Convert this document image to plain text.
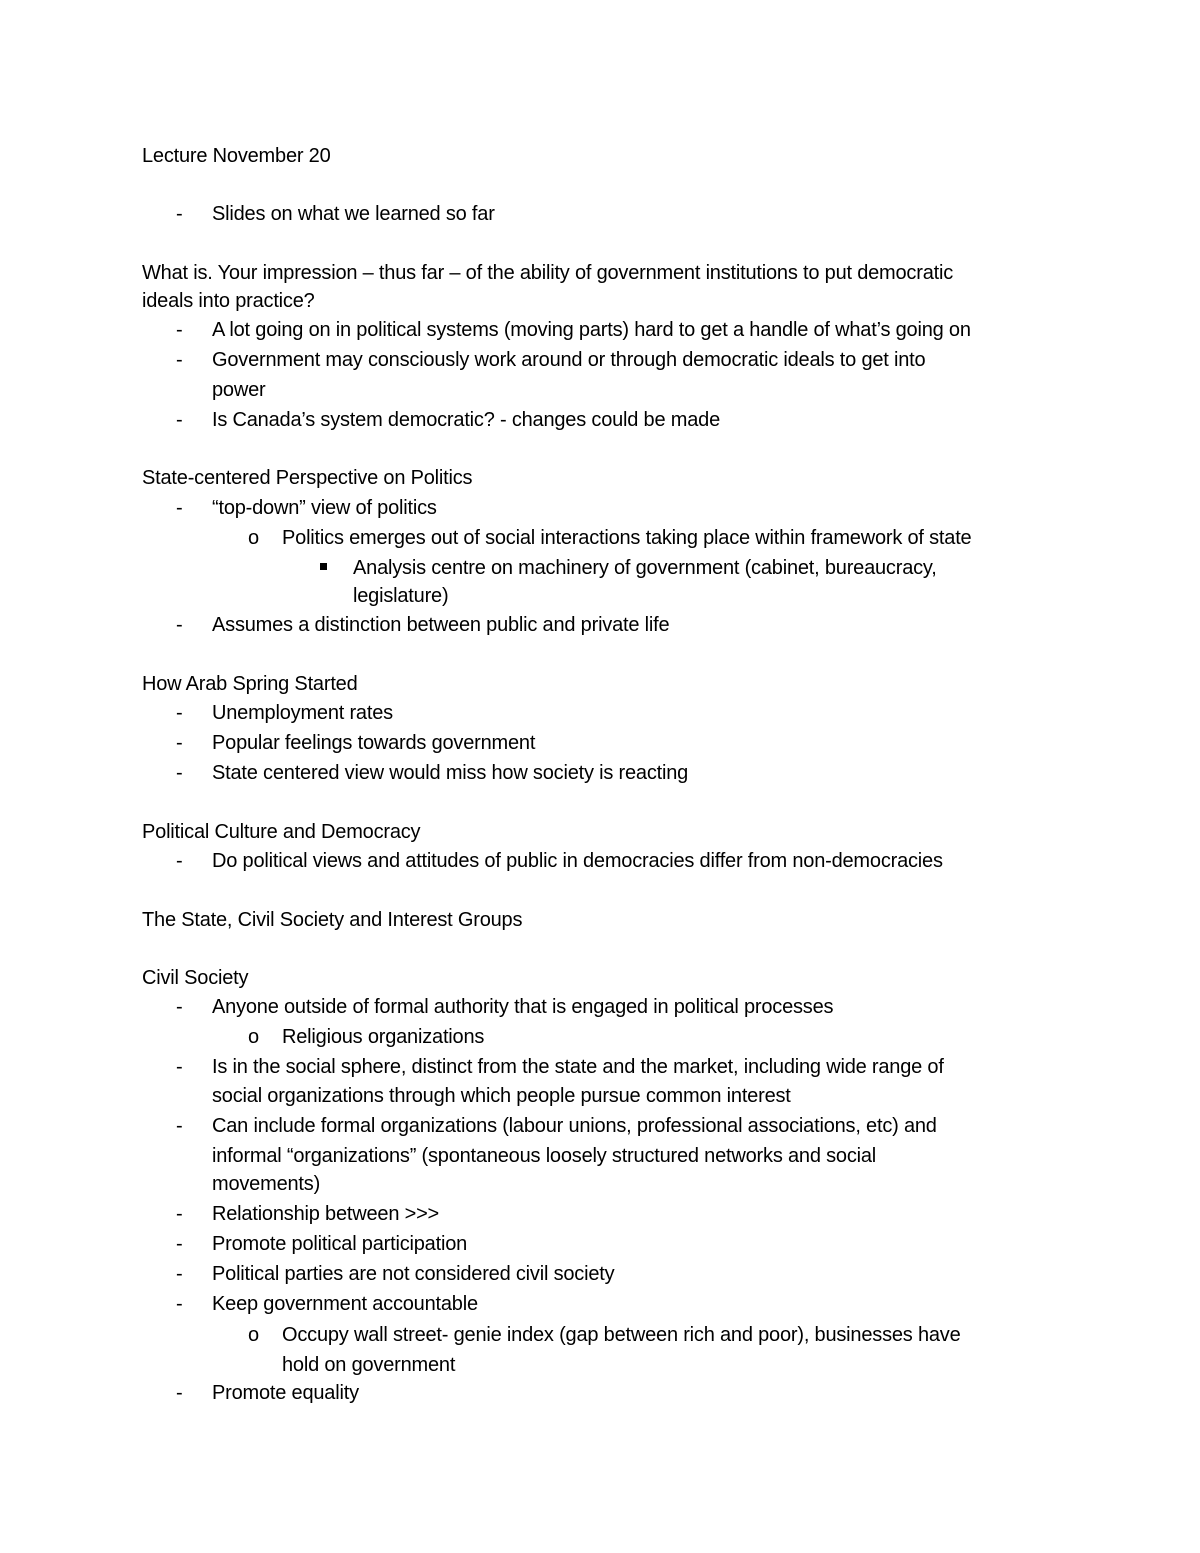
Lecture November 20
- Slides on what we learned so far
What is. Your impression – thus far – of the ability of government institutions to put democratic
ideals into practice?
- A lot going on in political systems (moving parts) hard to get a handle of what’s going on
- Government may consciously work around or through democratic ideals to get into
power
- Is Canada’s system democratic? - changes could be made
State-centered Perspective on Politics
- “top-down” view of politics
o Politics emerges out of social interactions taking place within framework of state
Analysis centre on machinery of government (cabinet, bureaucracy,
legislature)
- Assumes a distinction between public and private life
How Arab Spring Started
- Unemployment rates
- Popular feelings towards government
- State centered view would miss how society is reacting
Political Culture and Democracy
- Do political views and attitudes of public in democracies differ from non-democracies
The State, Civil Society and Interest Groups
Civil Society
- Anyone outside of formal authority that is engaged in political processes
o Religious organizations
- Is in the social sphere, distinct from the state and the market, including wide range of
social organizations through which people pursue common interest
- Can include formal organizations (labour unions, professional associations, etc) and
informal “organizations” (spontaneous loosely structured networks and social
movements)
- Relationship between >>>
- Promote political participation
- Political parties are not considered civil society
- Keep government accountable
o Occupy wall street- genie index (gap between rich and poor), businesses have
hold on government
- Promote equality
